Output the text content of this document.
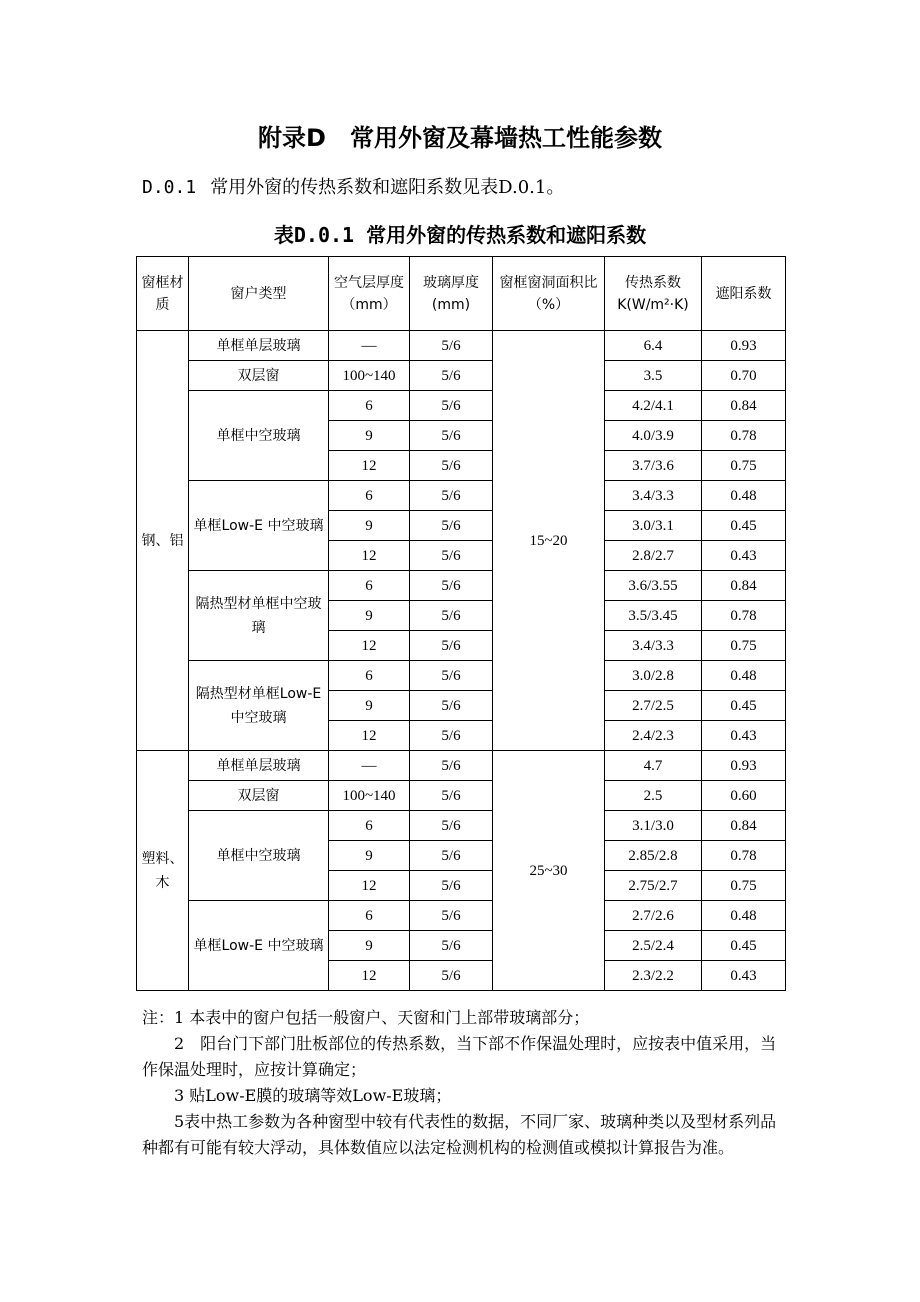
附录D　常用外窗及幕墙热工性能参数
D.0.1 常用外窗的传热系数和遮阳系数见表D.0.1。
表D.0.1 常用外窗的传热系数和遮阳系数
窗框材质	窗户类型	空气层厚度（mm）	玻璃厚度(mm)	窗框窗洞面积比（%）	传热系数K(W/m²·K)	遮阳系数
钢、铝	单框单层玻璃	—	5/6	15~20	6.4	0.93
	双层窗	100~140	5/6		3.5	0.70
	单框中空玻璃	6	5/6		4.2/4.1	0.84
		9	5/6		4.0/3.9	0.78
		12	5/6		3.7/3.6	0.75
	单框Low-E 中空玻璃	6	5/6		3.4/3.3	0.48
		9	5/6		3.0/3.1	0.45
		12	5/6		2.8/2.7	0.43
	隔热型材单框中空玻璃	6	5/6		3.6/3.55	0.84
		9	5/6		3.5/3.45	0.78
		12	5/6		3.4/3.3	0.75
	隔热型材单框Low-E 中空玻璃	6	5/6		3.0/2.8	0.48
		9	5/6		2.7/2.5	0.45
		12	5/6		2.4/2.3	0.43
塑料、木	单框单层玻璃	—	5/6	25~30	4.7	0.93
	双层窗	100~140	5/6		2.5	0.60
	单框中空玻璃	6	5/6		3.1/3.0	0.84
		9	5/6		2.85/2.8	0.78
		12	5/6		2.75/2.7	0.75
	单框Low-E 中空玻璃	6	5/6		2.7/2.6	0.48
		9	5/6		2.5/2.4	0.45
		12	5/6		2.3/2.2	0.43

注：1 本表中的窗户包括一般窗户、天窗和门上部带玻璃部分；

2　阳台门下部门肚板部位的传热系数，当下部不作保温处理时，应按表中值采用，当作保温处理时，应按计算确定；

3 贴Low-E膜的玻璃等效Low-E玻璃；

5表中热工参数为各种窗型中较有代表性的数据，不同厂家、玻璃种类以及型材系列品种都有可能有较大浮动，具体数值应以法定检测机构的检测值或模拟计算报告为准。
